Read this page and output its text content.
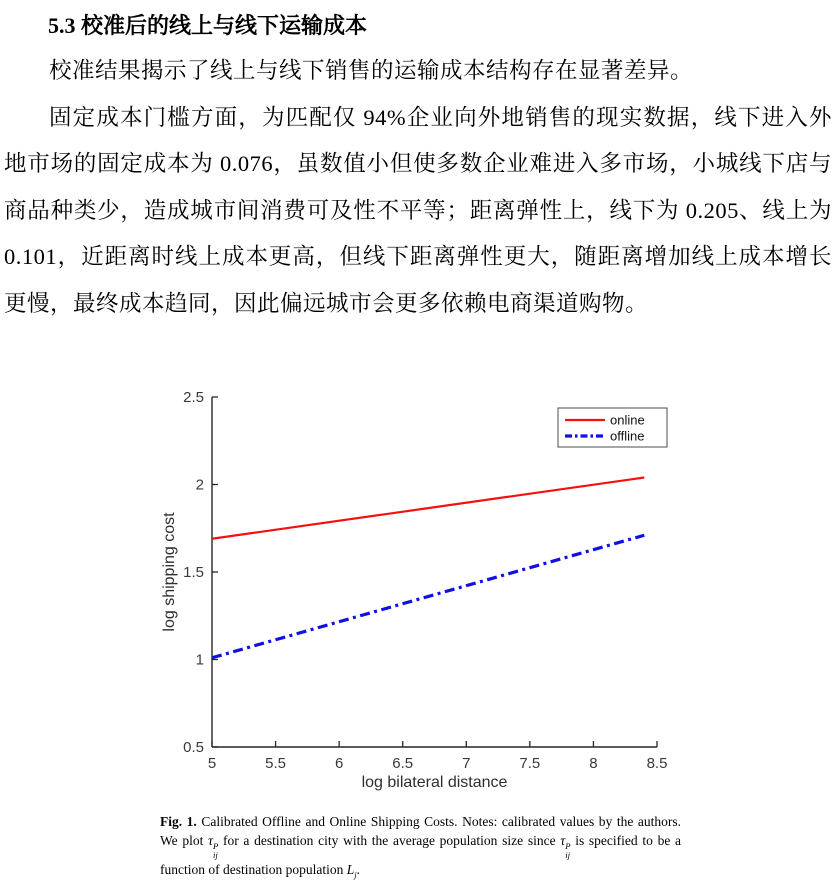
5.3 校准后的线上与线下运输成本

校准结果揭示了线上与线下销售的运输成本结构存在显著差异。

固定成本门槛方面，为匹配仅 94%企业向外地销售的现实数据，线下进入外地市场的固定成本为 0.076，虽数值小但使多数企业难进入多市场，小城线下店与商品种类少，造成城市间消费可及性不平等；距离弹性上，线下为 0.205、线上为 0.101，近距离时线上成本更高，但线下距离弹性更大，随距离增加线上成本增长更慢，最终成本趋同，因此偏远城市会更多依赖电商渠道购物。

5	5.5	6	6.5	7	7.5	8	8.5
0.5
1
1.5
2
2.5
log bilateral distance
log shipping cost
online
offline

Fig. 1. Calibrated Offline and Online Shipping Costs. Notes: calibrated values by the authors. We plot τ P
ij
for a destination city with the average population size since τ P
ij
is specified to be a function of destination population $L_j$.
